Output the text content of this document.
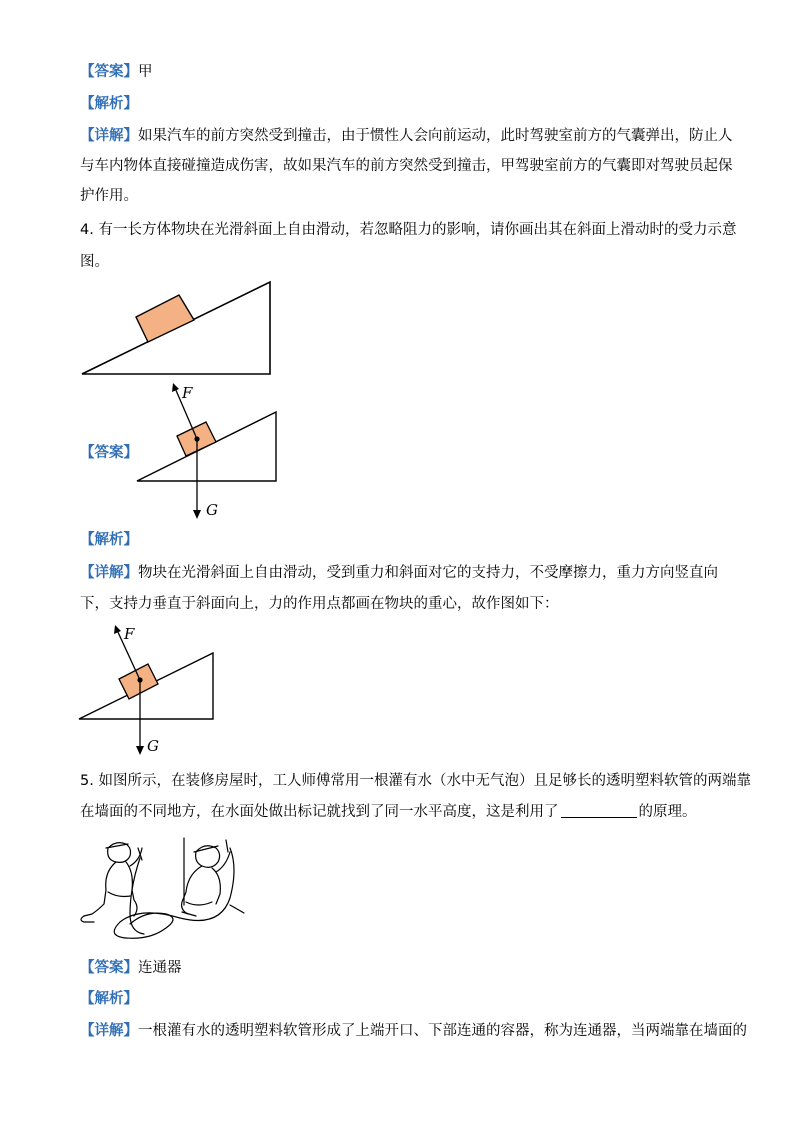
【答案】甲
【解析】
【详解】如果汽车的前方突然受到撞击，由于惯性人会向前运动，此时驾驶室前方的气囊弹出，防止人
与车内物体直接碰撞造成伤害，故如果汽车的前方突然受到撞击，甲驾驶室前方的气囊即对驾驶员起保
护作用。
4. 有一长方体物块在光滑斜面上自由滑动，若忽略阻力的影响，请你画出其在斜面上滑动时的受力示意
图。
【答案】
F
G
【解析】
【详解】物块在光滑斜面上自由滑动，受到重力和斜面对它的支持力，不受摩擦力，重力方向竖直向
下，支持力垂直于斜面向上，力的作用点都画在物块的重心，故作图如下：
F
G
5. 如图所示，在装修房屋时，工人师傅常用一根灌有水（水中无气泡）且足够长的透明塑料软管的两端靠
在墙面的不同地方，在水面处做出标记就找到了同一水平高度，这是利用了	的原理。
【答案】连通器
【解析】
【详解】一根灌有水的透明塑料软管形成了上端开口、下部连通的容器，称为连通器，当两端靠在墙面的
